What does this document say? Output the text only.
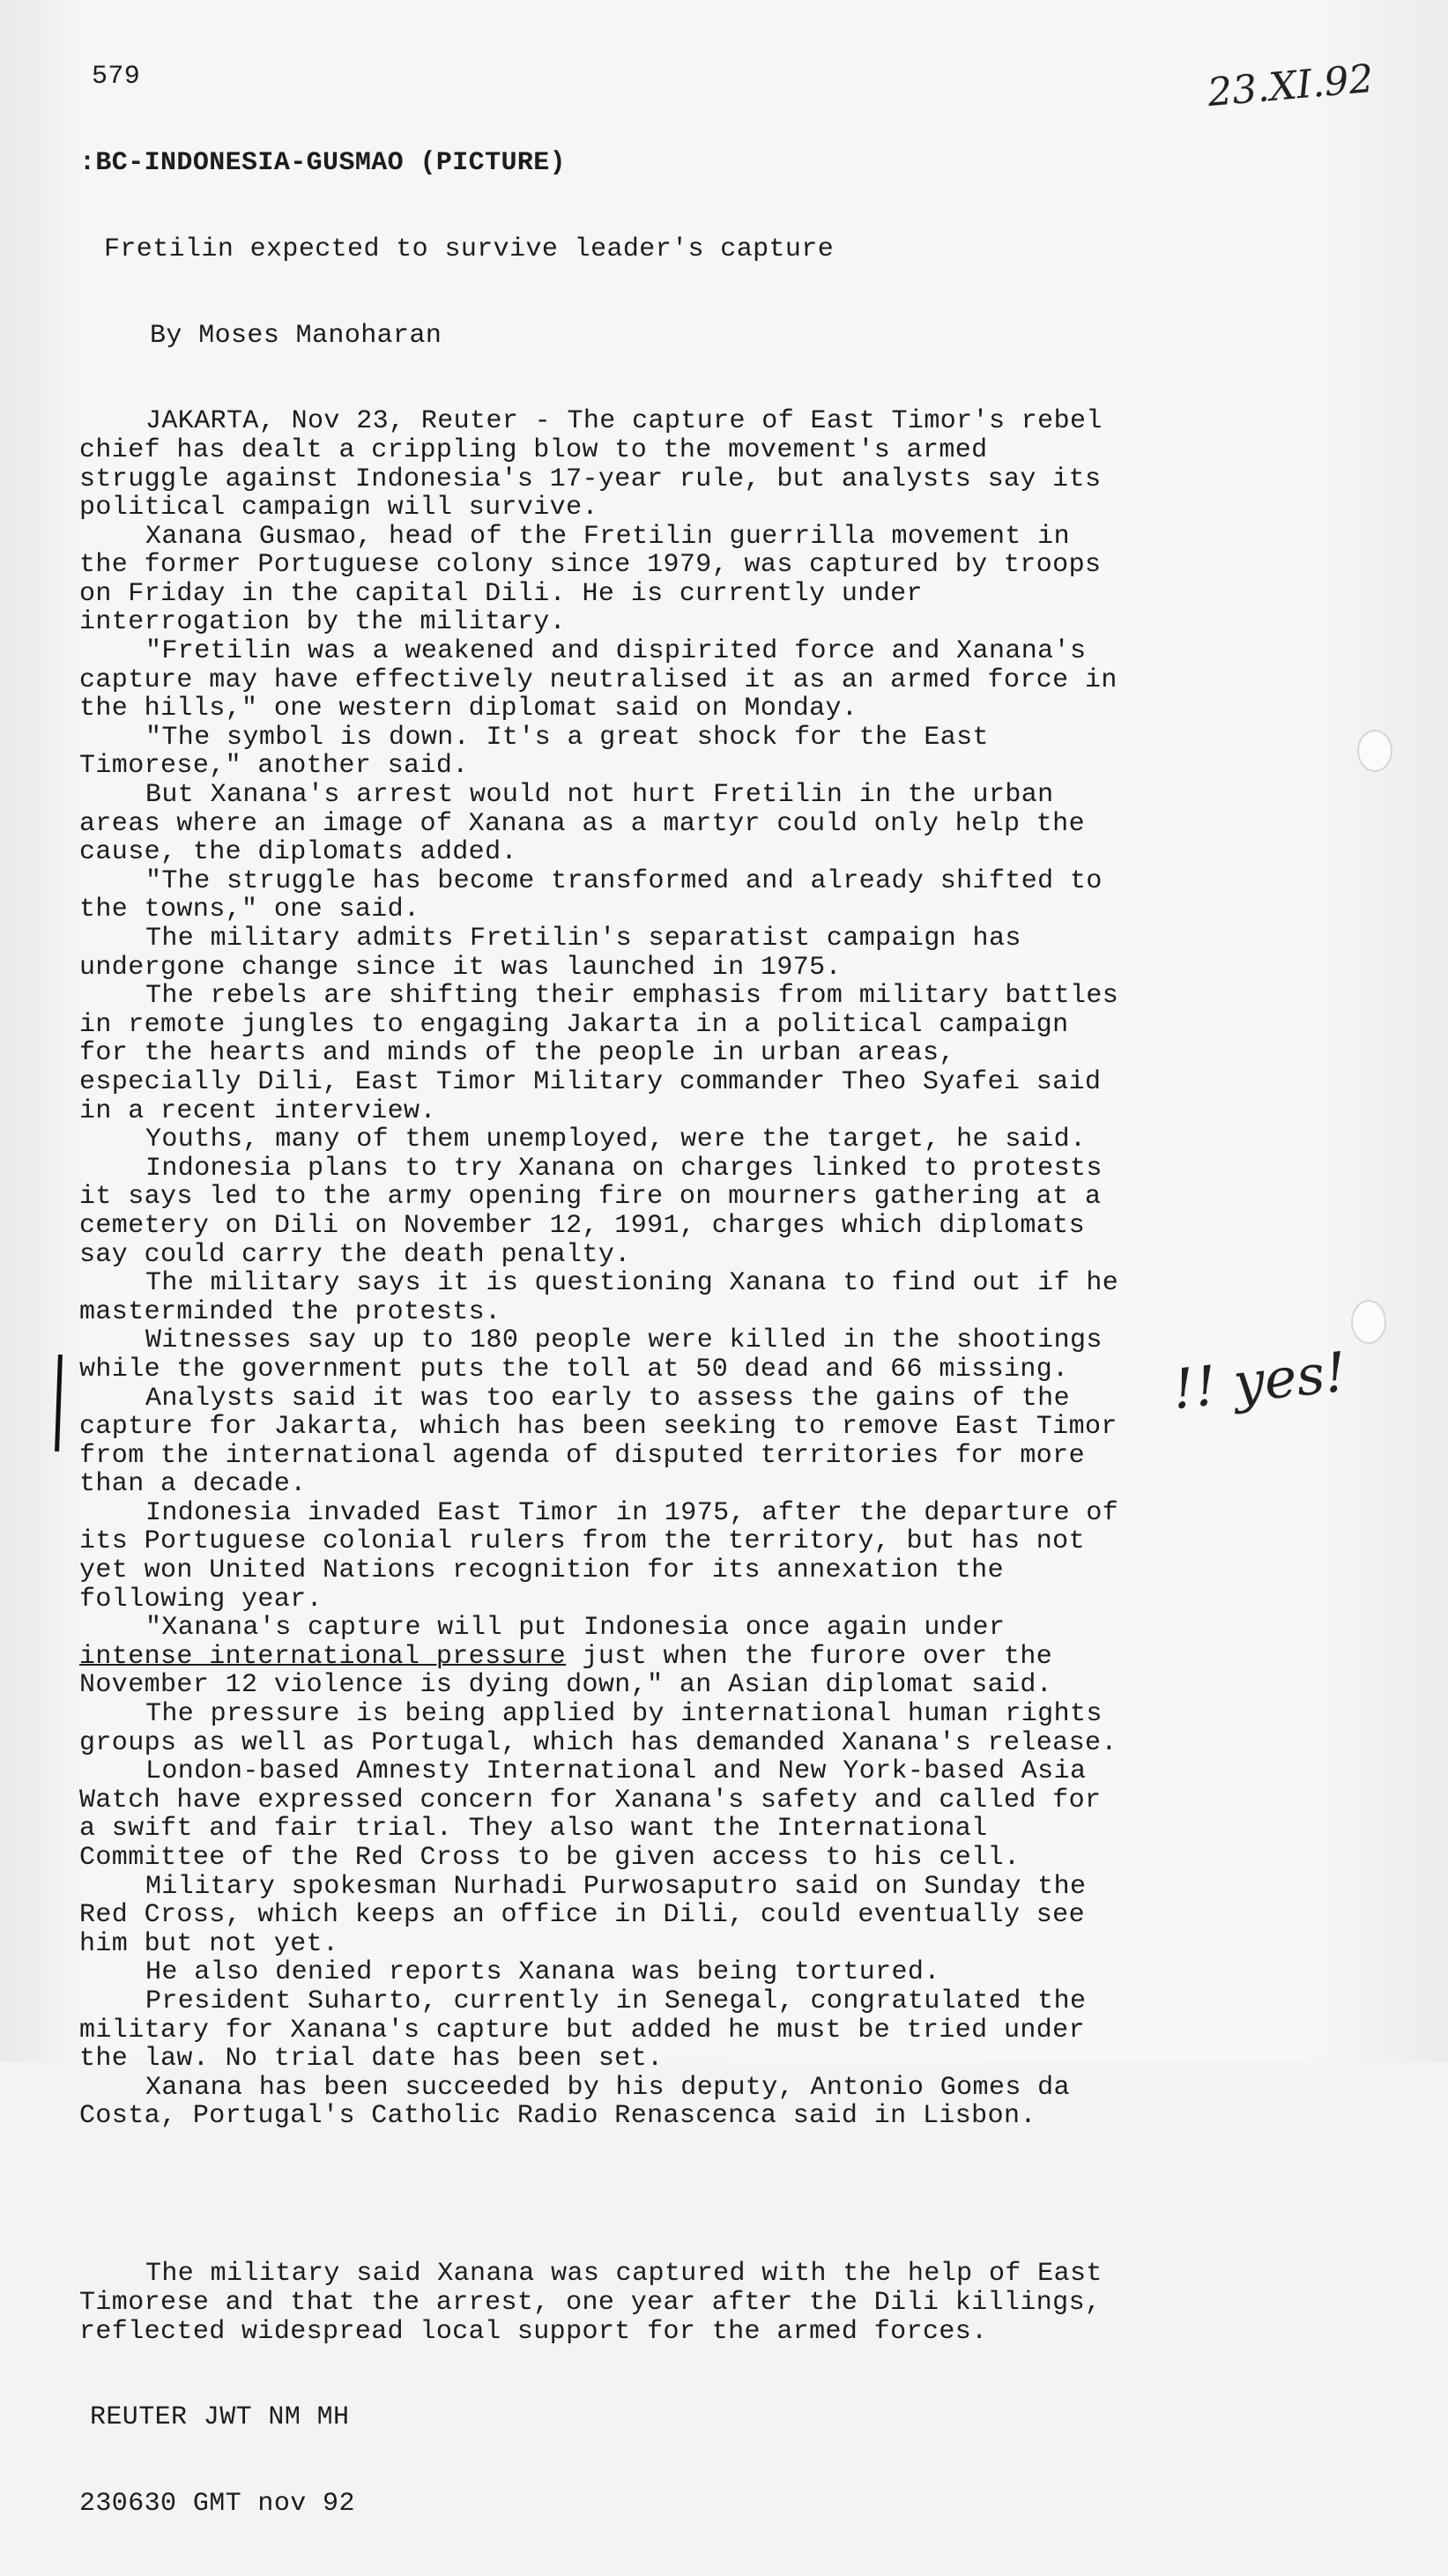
579

:BC-INDONESIA-GUSMAO (PICTURE)

Fretilin expected to survive leader's capture

By Moses Manoharan

JAKARTA, Nov 23, Reuter - The capture of East Timor's rebel
chief has dealt a crippling blow to the movement's armed
struggle against Indonesia's 17-year rule, but analysts say its
political campaign will survive.
Xanana Gusmao, head of the Fretilin guerrilla movement in
the former Portuguese colony since 1979, was captured by troops
on Friday in the capital Dili. He is currently under
interrogation by the military.
"Fretilin was a weakened and dispirited force and Xanana's
capture may have effectively neutralised it as an armed force in
the hills," one western diplomat said on Monday.
"The symbol is down. It's a great shock for the East
Timorese," another said.
But Xanana's arrest would not hurt Fretilin in the urban
areas where an image of Xanana as a martyr could only help the
cause, the diplomats added.
"The struggle has become transformed and already shifted to
the towns," one said.
The military admits Fretilin's separatist campaign has
undergone change since it was launched in 1975.
The rebels are shifting their emphasis from military battles
in remote jungles to engaging Jakarta in a political campaign
for the hearts and minds of the people in urban areas,
especially Dili, East Timor Military commander Theo Syafei said
in a recent interview.
Youths, many of them unemployed, were the target, he said.
Indonesia plans to try Xanana on charges linked to protests
it says led to the army opening fire on mourners gathering at a
cemetery on Dili on November 12, 1991, charges which diplomats
say could carry the death penalty.
The military says it is questioning Xanana to find out if he
masterminded the protests.
Witnesses say up to 180 people were killed in the shootings
while the government puts the toll at 50 dead and 66 missing.
Analysts said it was too early to assess the gains of the
capture for Jakarta, which has been seeking to remove East Timor
from the international agenda of disputed territories for more
than a decade.
Indonesia invaded East Timor in 1975, after the departure of
its Portuguese colonial rulers from the territory, but has not
yet won United Nations recognition for its annexation the
following year.
"Xanana's capture will put Indonesia once again under
intense international pressure just when the furore over the
November 12 violence is dying down," an Asian diplomat said.
The pressure is being applied by international human rights
groups as well as Portugal, which has demanded Xanana's release.
London-based Amnesty International and New York-based Asia
Watch have expressed concern for Xanana's safety and called for
a swift and fair trial. They also want the International
Committee of the Red Cross to be given access to his cell.
Military spokesman Nurhadi Purwosaputro said on Sunday the
Red Cross, which keeps an office in Dili, could eventually see
him but not yet.
He also denied reports Xanana was being tortured.
President Suharto, currently in Senegal, congratulated the
military for Xanana's capture but added he must be tried under
the law. No trial date has been set.
Xanana has been succeeded by his deputy, Antonio Gomes da
Costa, Portugal's Catholic Radio Renascenca said in Lisbon.

The military said Xanana was captured with the help of East
Timorese and that the arrest, one year after the Dili killings,
reflected widespread local support for the armed forces.

REUTER JWT NM MH

230630 GMT nov 92

23.XI.92
!! yes!
